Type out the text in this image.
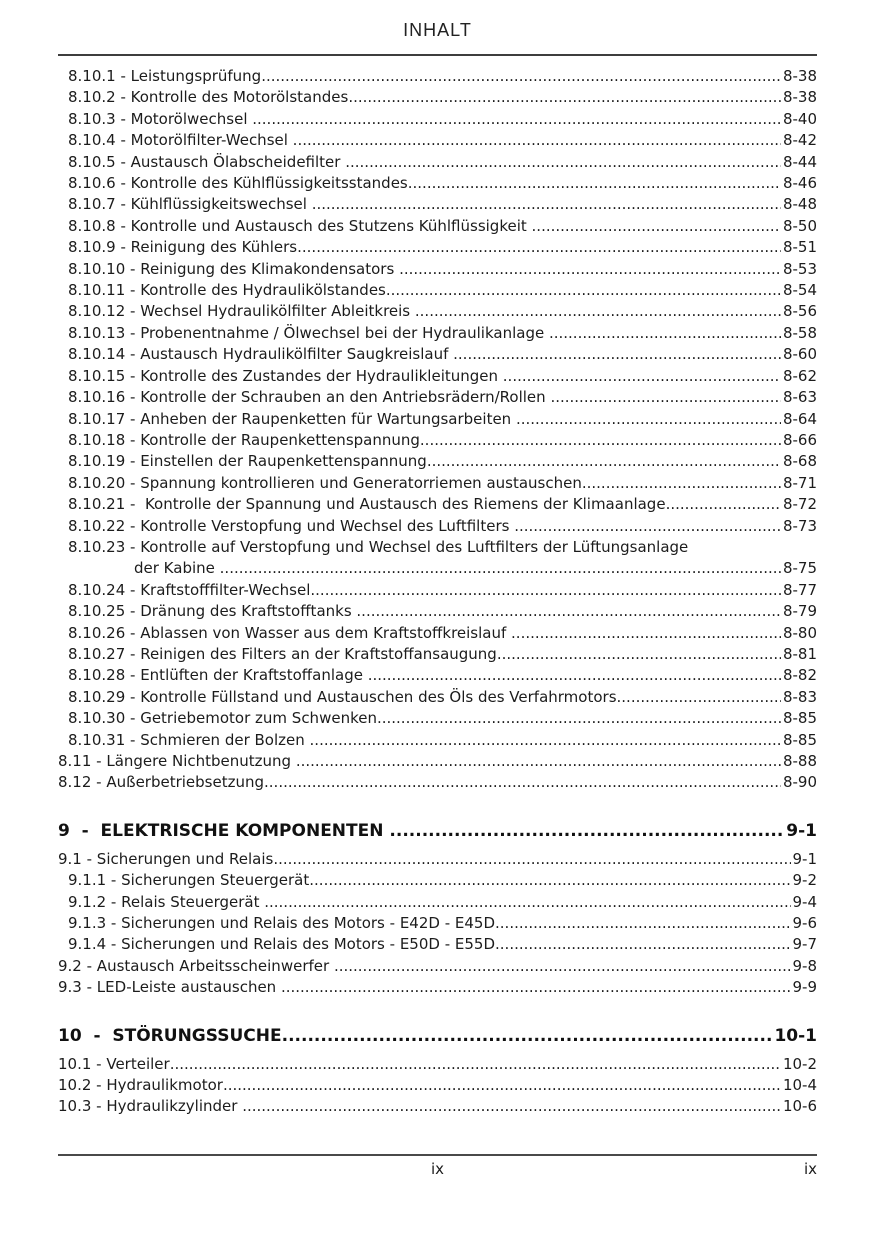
INHALT
8.10.1 - Leistungsprüfung .....	8-38
8.10.2 - Kontrolle des Motorölstandes .....	8-38
8.10.3 - Motorölwechsel .....	8-40
8.10.4 - Motorölfilter-Wechsel .....	8-42
8.10.5 - Austausch Ölabscheidefilter .....	8-44
8.10.6 - Kontrolle des Kühlflüssigkeitsstandes .....	8-46
8.10.7 - Kühlflüssigkeitswechsel .....	8-48
8.10.8 - Kontrolle und Austausch des Stutzens Kühlflüssigkeit .....	8-50
8.10.9 - Reinigung des Kühlers .....	8-51
8.10.10 - Reinigung des Klimakondensators .....	8-53
8.10.11 - Kontrolle des Hydraulikölstandes .....	8-54
8.10.12 - Wechsel Hydraulikölfilter Ableitkreis .....	8-56
8.10.13 - Probenentnahme / Ölwechsel bei der Hydraulikanlage .....	8-58
8.10.14 - Austausch Hydraulikölfilter Saugkreislauf .....	8-60
8.10.15 - Kontrolle des Zustandes der Hydraulikleitungen .....	8-62
8.10.16 - Kontrolle der Schrauben an den Antriebsrädern/Rollen .....	8-63
8.10.17 - Anheben der Raupenketten für Wartungsarbeiten .....	8-64
8.10.18 - Kontrolle der Raupenkettenspannung .....	8-66
8.10.19 - Einstellen der Raupenkettenspannung .....	8-68
8.10.20 - Spannung kontrollieren und Generatorriemen austauschen .....	8-71
8.10.21 -  Kontrolle der Spannung und Austausch des Riemens der Klimaanlage .....	8-72
8.10.22 - Kontrolle Verstopfung und Wechsel des Luftfilters .....	8-73
8.10.23 - Kontrolle auf Verstopfung und Wechsel des Luftfilters der Lüftungsanlage
der Kabine .....	8-75
8.10.24 - Kraftstofffilter-Wechsel .....	8-77
8.10.25 - Dränung des Kraftstofftanks .....	8-79
8.10.26 - Ablassen von Wasser aus dem Kraftstoffkreislauf .....	8-80
8.10.27 - Reinigen des Filters an der Kraftstoffansaugung .....	8-81
8.10.28 - Entlüften der Kraftstoffanlage .....	8-82
8.10.29 - Kontrolle Füllstand und Austauschen des Öls des Verfahrmotors .....	8-83
8.10.30 - Getriebemotor zum Schwenken .....	8-85
8.10.31 - Schmieren der Bolzen .....	8-85
8.11 - Längere Nichtbenutzung .....	8-88
8.12 - Außerbetriebsetzung .....	8-90
9  -  ELEKTRISCHE KOMPONENTEN .....	9-1
9.1 - Sicherungen und Relais .....	9-1
9.1.1 - Sicherungen Steuergerät .....	9-2
9.1.2 - Relais Steuergerät .....	9-4
9.1.3 - Sicherungen und Relais des Motors - E42D - E45D .....	9-6
9.1.4 - Sicherungen und Relais des Motors - E50D - E55D .....	9-7
9.2 - Austausch Arbeitsscheinwerfer .....	9-8
9.3 - LED-Leiste austauschen .....	9-9
10  -  STÖRUNGSSUCHE .....	10-1
10.1 - Verteiler .....	10-2
10.2 - Hydraulikmotor .....	10-4
10.3 - Hydraulikzylinder .....	10-6
ix	ix
